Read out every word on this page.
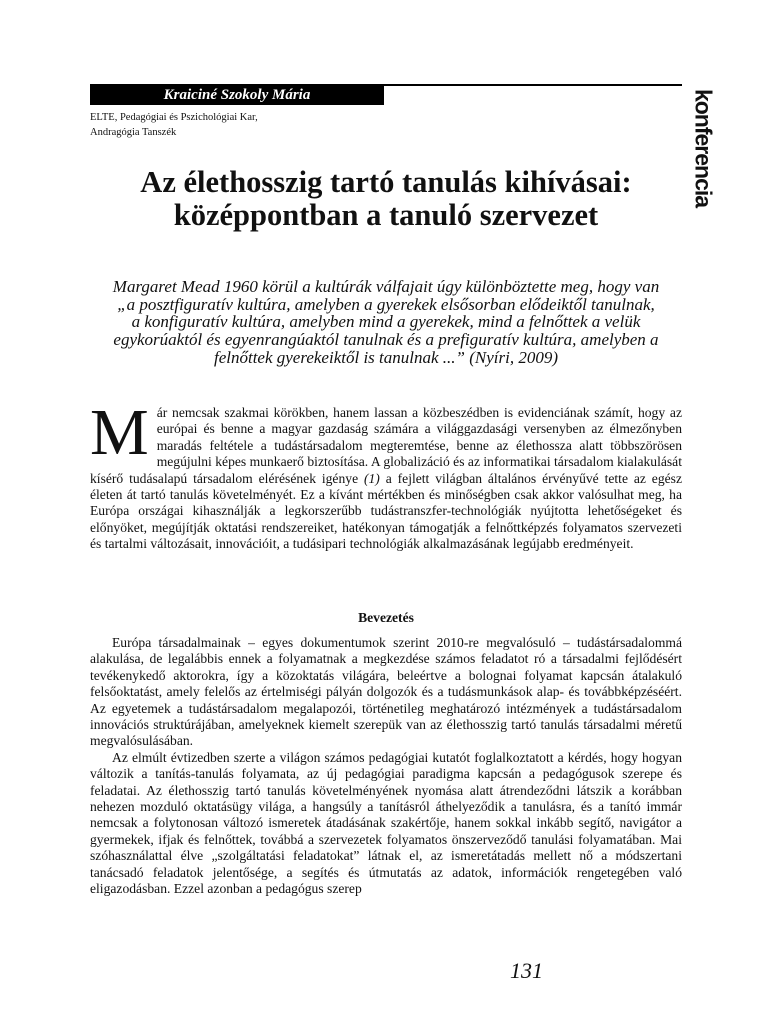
Kraiciné Szokoly Mária
ELTE, Pedagógiai és Pszichológiai Kar,
Andragógia Tanszék	konferencia
Az élethosszig tartó tanulás kihívásai: középpontban a tanuló szervezet
Margaret Mead 1960 körül a kultúrák válfajait úgy különböztette meg, hogy van „a posztfiguratív kultúra, amelyben a gyerekek elsősorban elődeiktől tanulnak, a konfiguratív kultúra, amelyben mind a gyerekek, mind a felnőttek a velük egykorúaktól és egyenrangúaktól tanulnak és a prefiguratív kultúra, amelyben a felnőttek gyerekeiktől is tanulnak ...” (Nyíri, 2009)

Már nemcsak szakmai körökben, hanem lassan a közbeszédben is evidenciának számít, hogy az európai és benne a magyar gazdaság számára a világgazdasági versenyben az élmezőnyben maradás feltétele a tudástársadalom megteremtése, benne az élethossza alatt többszörösen megújulni képes munkaerő biztosítása. A globalizáció és az informatikai társadalom kialakulását kísérő tudásalapú társadalom elérésének igénye (1) a fejlett világban általános érvényűvé tette az egész életen át tartó tanulás követelményét. Ez a kívánt mértékben és minőségben csak akkor valósulhat meg, ha Európa országai kihasználják a legkorszerűbb tudástranszfer-technológiák nyújtotta lehetőségeket és előnyöket, megújítják oktatási rendszereiket, hatékonyan támogatják a felnőttképzés folyamatos szervezeti és tartalmi változásait, innovációit, a tudásipari technológiák alkalmazásának legújabb eredményeit.

Bevezetés

Európa társadalmainak – egyes dokumentumok szerint 2010-re megvalósuló – tudástársadalommá alakulása, de legalábbis ennek a folyamatnak a megkezdése számos feladatot ró a társadalmi fejlődésért tevékenykedő aktorokra, így a közoktatás világára, beleértve a bolognai folyamat kapcsán átalakuló felsőoktatást, amely felelős az értelmiségi pályán dolgozók és a tudásmunkások alap- és továbbképzéséért. Az egyetemek a tudástársadalom megalapozói, történetileg meghatározó intézmények a tudástársadalom innovációs struktúrájában, amelyeknek kiemelt szerepük van az élethosszig tartó tanulás társadalmi méretű megvalósulásában.

Az elmúlt évtizedben szerte a világon számos pedagógiai kutatót foglalkoztatott a kérdés, hogy hogyan változik a tanítás-tanulás folyamata, az új pedagógiai paradigma kapcsán a pedagógusok szerepe és feladatai. Az élethosszig tartó tanulás követelményének nyomása alatt átrendeződni látszik a korábban nehezen mozduló oktatásügy világa, a hangsúly a tanításról áthelyeződik a tanulásra, és a tanító immár nemcsak a folytonosan változó ismeretek átadásának szakértője, hanem sokkal inkább segítő, navigátor a gyermekek, ifjak és felnőttek, továbbá a szervezetek folyamatos önszerveződő tanulási folyamatában. Mai szóhasználattal élve „szolgáltatási feladatokat” látnak el, az ismeretátadás mellett nő a módszertani tanácsadó feladatok jelentősége, a segítés és útmutatás az adatok, információk rengetegében való eligazodásban. Ezzel azonban a pedagógus szerep

131
